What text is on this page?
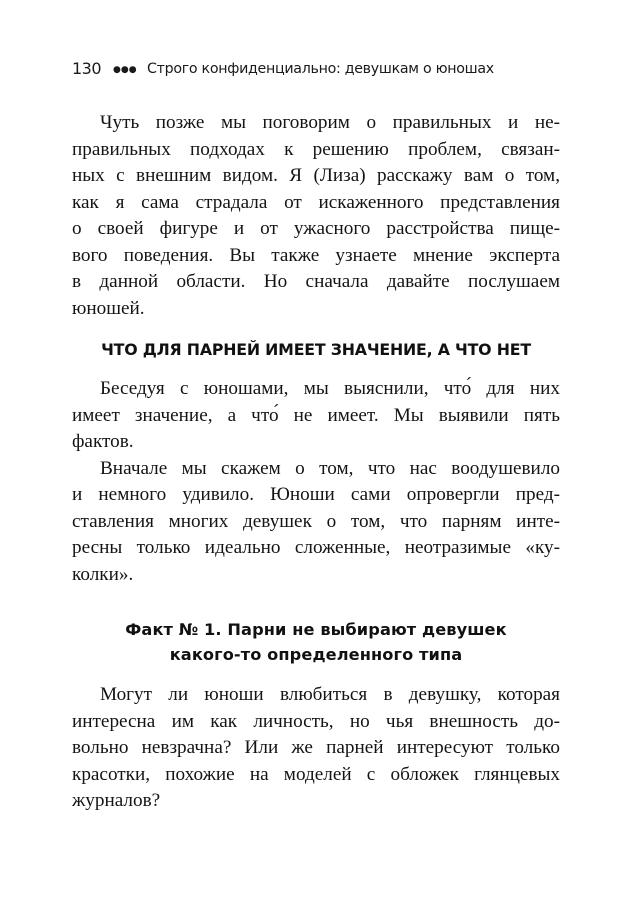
130 ●●● Строго конфиденциально: девушкам о юношах
Чуть позже мы поговорим о правильных и не-
правильных подходах к решению проблем, связан-
ных с внешним видом. Я (Лиза) расскажу вам о том,
как я сама страдала от искаженного представления
о своей фигуре и от ужасного расстройства пище-
вого поведения. Вы также узнаете мнение эксперта
в данной области. Но сначала давайте послушаем
юношей.
ЧТО ДЛЯ ПАРНЕЙ ИМЕЕТ ЗНАЧЕНИЕ, А ЧТО НЕТ
Беседуя с юношами, мы выяснили, что́ для них
имеет значение, а что́ не имеет. Мы выявили пять
фактов.
Вначале мы скажем о том, что нас воодушевило
и немного удивило. Юноши сами опровергли пред-
ставления многих девушек о том, что парням инте-
ресны только идеально сложенные, неотразимые «ку-
колки».
Факт № 1. Парни не выбирают девушек
какого-то определенного типа
Могут ли юноши влюбиться в девушку, которая
интересна им как личность, но чья внешность до-
вольно невзрачна? Или же парней интересуют только
красотки, похожие на моделей с обложек глянцевых
журналов?
